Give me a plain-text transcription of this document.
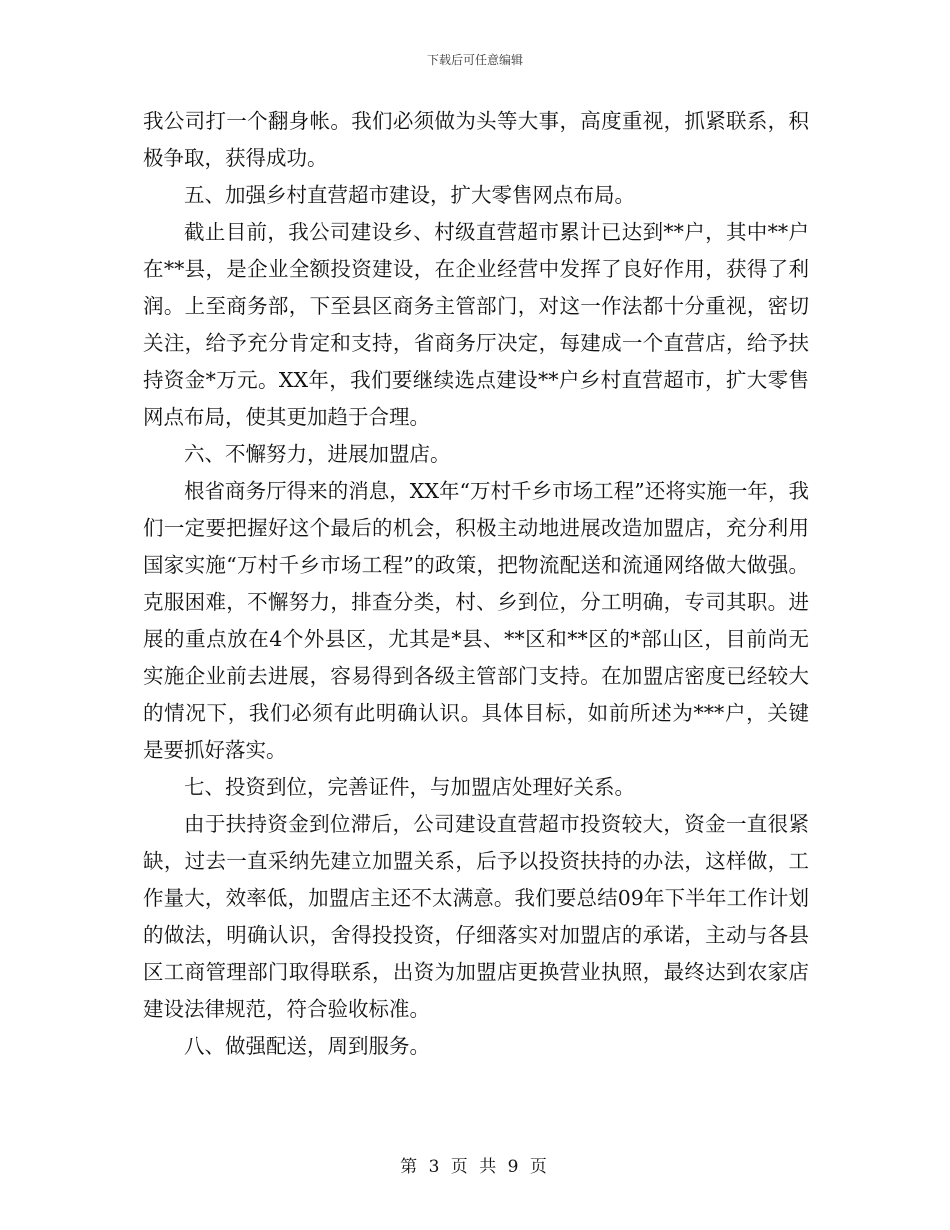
下载后可任意编辑

我公司打一个翻身帐。我们必须做为头等大事，高度重视，抓紧联系，积极争取，获得成功。

五、加强乡村直营超市建设，扩大零售网点布局。

截止目前，我公司建设乡、村级直营超市累计已达到**户，其中**户在**县，是企业全额投资建设，在企业经营中发挥了良好作用，获得了利润。上至商务部，下至县区商务主管部门，对这一作法都十分重视，密切关注，给予充分肯定和支持，省商务厅决定，每建成一个直营店，给予扶持资金*万元。XX年，我们要继续选点建设**户乡村直营超市，扩大零售网点布局，使其更加趋于合理。

六、不懈努力，进展加盟店。

根省商务厅得来的消息，XX年“万村千乡市场工程”还将实施一年，我们一定要把握好这个最后的机会，积极主动地进展改造加盟店，充分利用国家实施“万村千乡市场工程”的政策，把物流配送和流通网络做大做强。克服困难，不懈努力，排查分类，村、乡到位，分工明确，专司其职。进展的重点放在4个外县区，尤其是*县、**区和**区的*部山区，目前尚无实施企业前去进展，容易得到各级主管部门支持。在加盟店密度已经较大的情况下，我们必须有此明确认识。具体目标，如前所述为***户，关键是要抓好落实。

七、投资到位，完善证件，与加盟店处理好关系。

由于扶持资金到位滞后，公司建设直营超市投资较大，资金一直很紧缺，过去一直采纳先建立加盟关系，后予以投资扶持的办法，这样做，工作量大，效率低，加盟店主还不太满意。我们要总结09年下半年工作计划的做法，明确认识，舍得投投资，仔细落实对加盟店的承诺，主动与各县区工商管理部门取得联系，出资为加盟店更换营业执照，最终达到农家店建设法律规范，符合验收标准。

八、做强配送，周到服务。

第 3 页 共 9 页
